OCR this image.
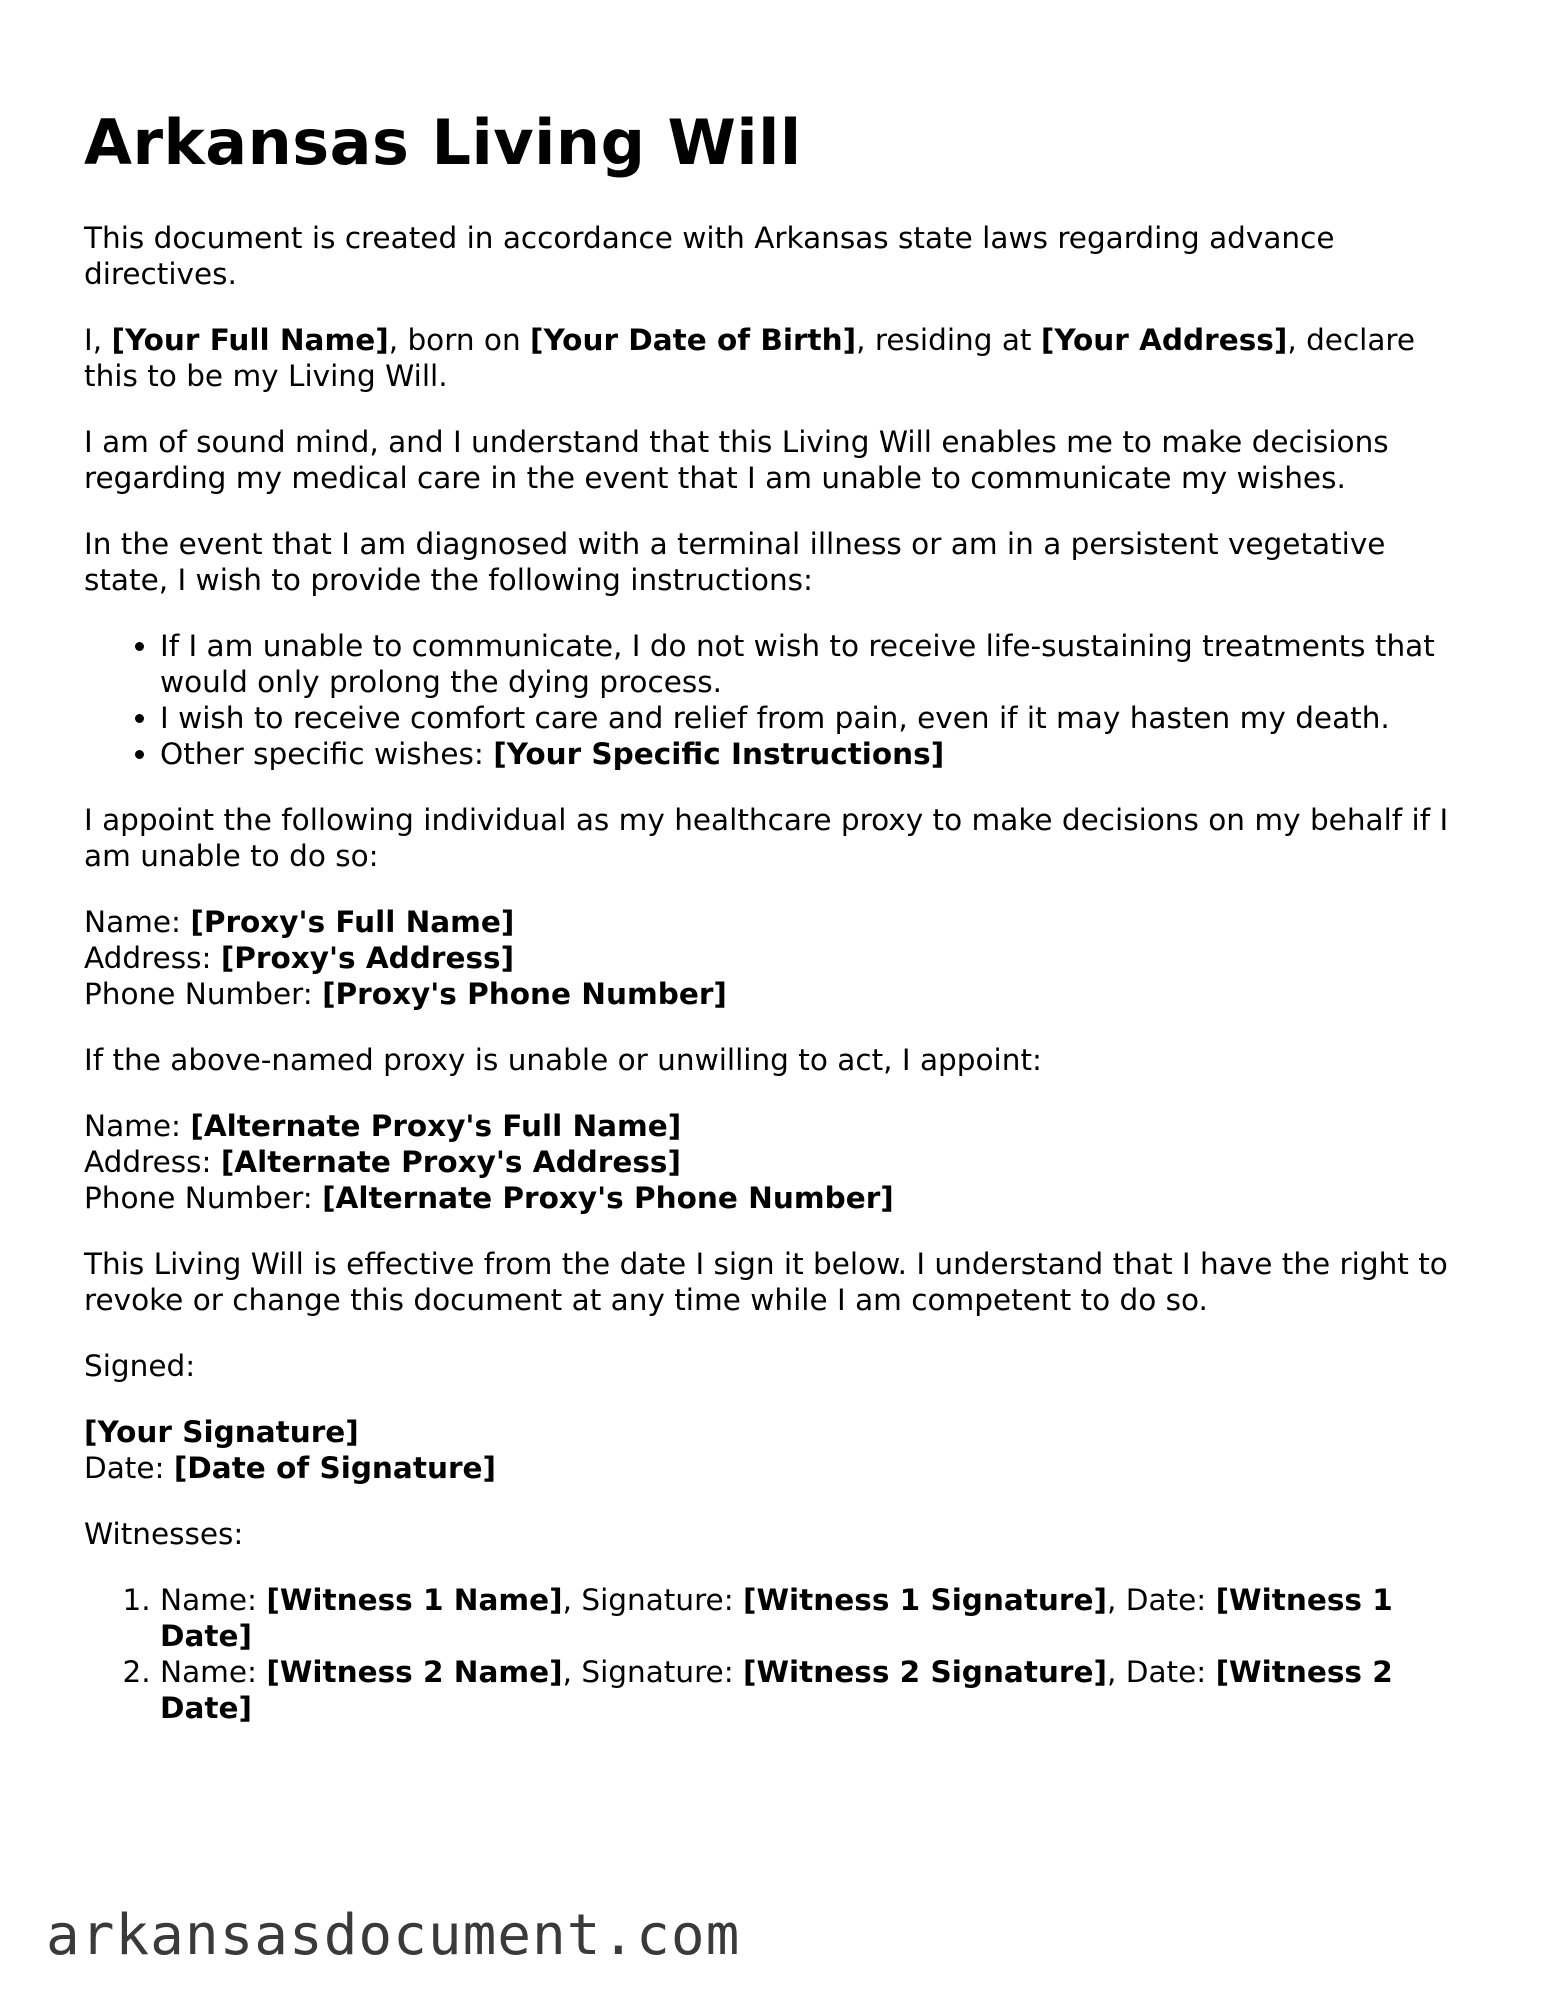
Arkansas Living Will

This document is created in accordance with Arkansas state laws regarding advance directives.

I, [Your Full Name], born on [Your Date of Birth], residing at [Your Address], declare this to be my Living Will.

I am of sound mind, and I understand that this Living Will enables me to make decisions regarding my medical care in the event that I am unable to communicate my wishes.

In the event that I am diagnosed with a terminal illness or am in a persistent vegetative state, I wish to provide the following instructions:

• If I am unable to communicate, I do not wish to receive life-sustaining treatments that would only prolong the dying process.
• I wish to receive comfort care and relief from pain, even if it may hasten my death.
• Other specific wishes: [Your Specific Instructions]

I appoint the following individual as my healthcare proxy to make decisions on my behalf if I am unable to do so:

Name: [Proxy's Full Name]
Address: [Proxy's Address]
Phone Number: [Proxy's Phone Number]

If the above-named proxy is unable or unwilling to act, I appoint:

Name: [Alternate Proxy's Full Name]
Address: [Alternate Proxy's Address]
Phone Number: [Alternate Proxy's Phone Number]

This Living Will is effective from the date I sign it below. I understand that I have the right to revoke or change this document at any time while I am competent to do so.

Signed:

[Your Signature]
Date: [Date of Signature]

Witnesses:

1. Name: [Witness 1 Name], Signature: [Witness 1 Signature], Date: [Witness 1 Date]
2. Name: [Witness 2 Name], Signature: [Witness 2 Signature], Date: [Witness 2 Date]
arkansasdocument.com
